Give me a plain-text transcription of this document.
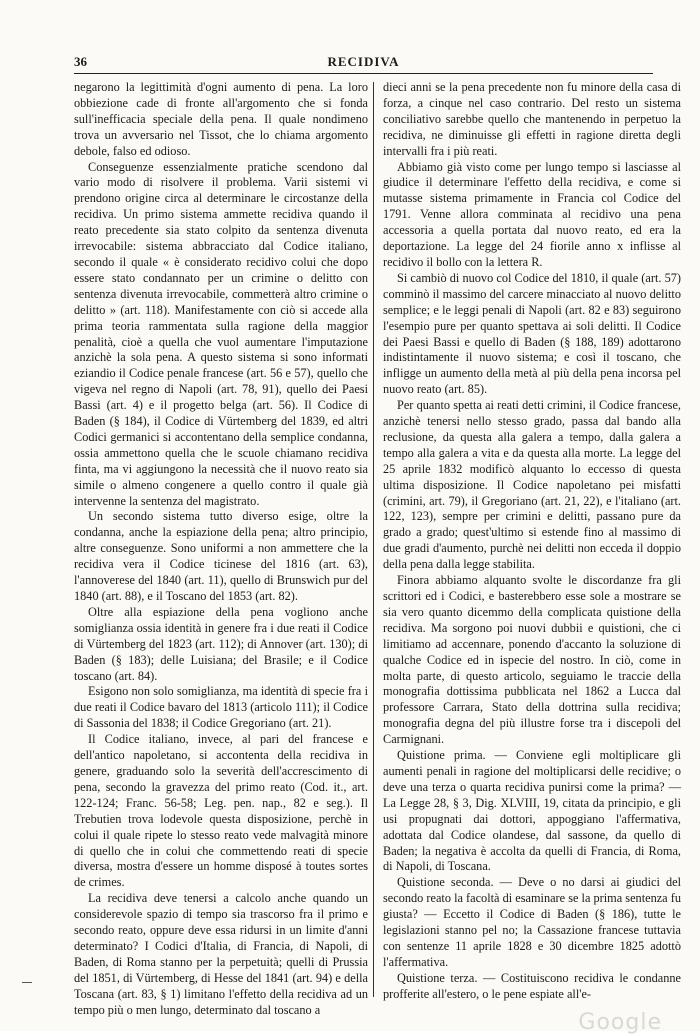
36	RECIDIVA

negarono la legittimità d'ogni aumento di pena. La loro obbiezione cade di fronte all'argomento che si fonda sull'inefficacia speciale della pena. Il quale nondimeno trova un avversario nel Tissot, che lo chiama argomento debole, falso ed odioso.

Conseguenze essenzialmente pratiche scendono dal vario modo di risolvere il problema. Varii sistemi vi prendono origine circa al determinare le circostanze della recidiva. Un primo sistema ammette recidiva quando il reato precedente sia stato colpito da sentenza divenuta irrevocabile: sistema abbracciato dal Codice italiano, secondo il quale « è considerato recidivo colui che dopo essere stato condannato per un crimine o delitto con sentenza divenuta irrevocabile, commetterà altro crimine o delitto » (art. 118). Manifestamente con ciò si accede alla prima teoria rammentata sulla ragione della maggior penalità, cioè a quella che vuol aumentare l'imputazione anzichè la sola pena. A questo sistema si sono informati eziandio il Codice penale francese (art. 56 e 57), quello che vigeva nel regno di Napoli (art. 78, 91), quello dei Paesi Bassi (art. 4) e il progetto belga (art. 56). Il Codice di Baden (§ 184), il Codice di Vürtemberg del 1839, ed altri Codici germanici si accontentano della semplice condanna, ossia ammettono quella che le scuole chiamano recidiva finta, ma vi aggiungono la necessità che il nuovo reato sia simile o almeno congenere a quello contro il quale già intervenne la sentenza del magistrato.

Un secondo sistema tutto diverso esige, oltre la condanna, anche la espiazione della pena; altro principio, altre conseguenze. Sono uniformi a non ammettere che la recidiva vera il Codice ticinese del 1816 (art. 63), l'annoverese del 1840 (art. 11), quello di Brunswich pur del 1840 (art. 88), e il Toscano del 1853 (art. 82).

Oltre alla espiazione della pena vogliono anche somiglianza ossia identità in genere fra i due reati il Codice di Vürtemberg del 1823 (art. 112); di Annover (art. 130); di Baden (§ 183); delle Luisiana; del Brasile; e il Codice toscano (art. 84).

Esigono non solo somiglianza, ma identità di specie fra i due reati il Codice bavaro del 1813 (articolo 111); il Codice di Sassonia del 1838; il Codice Gregoriano (art. 21).

Il Codice italiano, invece, al pari del francese e dell'antico napoletano, si accontenta della recidiva in genere, graduando solo la severità dell'accrescimento di pena, secondo la gravezza del primo reato (Cod. it., art. 122-124; Franc. 56-58; Leg. pen. nap., 82 e seg.). Il Trebutien trova lodevole questa disposizione, perchè in colui il quale ripete lo stesso reato vede malvagità minore di quello che in colui che commettendo reati di specie diversa, mostra d'essere un homme disposé à toutes sortes de crimes.

La recidiva deve tenersi a calcolo anche quando un considerevole spazio di tempo sia trascorso fra il primo e secondo reato, oppure deve essa ridursi in un limite d'anni determinato? I Codici d'Italia, di Francia, di Napoli, di Baden, di Roma stanno per la perpetuità; quelli di Prussia del 1851, di Vürtemberg, di Hesse del 1841 (art. 94) e della Toscana (art. 83, § 1) limitano l'effetto della recidiva ad un tempo più o men lungo, determinato dal toscano a

dieci anni se la pena precedente non fu minore della casa di forza, a cinque nel caso contrario. Del resto un sistema conciliativo sarebbe quello che mantenendo in perpetuo la recidiva, ne diminuisse gli effetti in ragione diretta degli intervalli fra i più reati.

Abbiamo già visto come per lungo tempo si lasciasse al giudice il determinare l'effetto della recidiva, e come si mutasse sistema primamente in Francia col Codice del 1791. Venne allora comminata al recidivo una pena accessoria a quella portata dal nuovo reato, ed era la deportazione. La legge del 24 fiorile anno x inflisse al recidivo il bollo con la lettera R.

Si cambiò di nuovo col Codice del 1810, il quale (art. 57) comminò il massimo del carcere minacciato al nuovo delitto semplice; e le leggi penali di Napoli (art. 82 e 83) seguirono l'esempio pure per quanto spettava ai soli delitti. Il Codice dei Paesi Bassi e quello di Baden (§ 188, 189) adottarono indistintamente il nuovo sistema; e così il toscano, che infligge un aumento della metà al più della pena incorsa pel nuovo reato (art. 85).

Per quanto spetta ai reati detti crimini, il Codice francese, anzichè tenersi nello stesso grado, passa dal bando alla reclusione, da questa alla galera a tempo, dalla galera a tempo alla galera a vita e da questa alla morte. La legge del 25 aprile 1832 modificò alquanto lo eccesso di questa ultima disposizione. Il Codice napoletano pei misfatti (crimini, art. 79), il Gregoriano (art. 21, 22), e l'italiano (art. 122, 123), sempre per crimini e delitti, passano pure da grado a grado; quest'ultimo si estende fino al massimo di due gradi d'aumento, purchè nei delitti non ecceda il doppio della pena dalla legge stabilita.

Finora abbiamo alquanto svolte le discordanze fra gli scrittori ed i Codici, e basterebbero esse sole a mostrare se sia vero quanto dicemmo della complicata quistione della recidiva. Ma sorgono poi nuovi dubbii e quistioni, che ci limitiamo ad accennare, ponendo d'accanto la soluzione di qualche Codice ed in ispecie del nostro. In ciò, come in molta parte, di questo articolo, seguiamo le traccie della monografia dottissima pubblicata nel 1862 a Lucca dal professore Carrara, Stato della dottrina sulla recidiva; monografia degna del più illustre forse tra i discepoli del Carmignani.

Quistione prima. — Conviene egli moltiplicare gli aumenti penali in ragione del moltiplicarsi delle recidive; o deve una terza o quarta recidiva punirsi come la prima? — La Legge 28, § 3, Dig. XLVIII, 19, citata da principio, e gli usi propugnati dai dottori, appoggiano l'affermativa, adottata dal Codice olandese, dal sassone, da quello di Baden; la negativa è accolta da quelli di Francia, di Roma, di Napoli, di Toscana.

Quistione seconda. — Deve o no darsi ai giudici del secondo reato la facoltà di esaminare se la prima sentenza fu giusta? — Eccetto il Codice di Baden (§ 186), tutte le legislazioni stanno pel no; la Cassazione francese tuttavia con sentenze 11 aprile 1828 e 30 dicembre 1825 adottò l'affermativa.

Quistione terza. — Costituiscono recidiva le condanne profferite all'estero, o le pene espiate all'e-

Google
